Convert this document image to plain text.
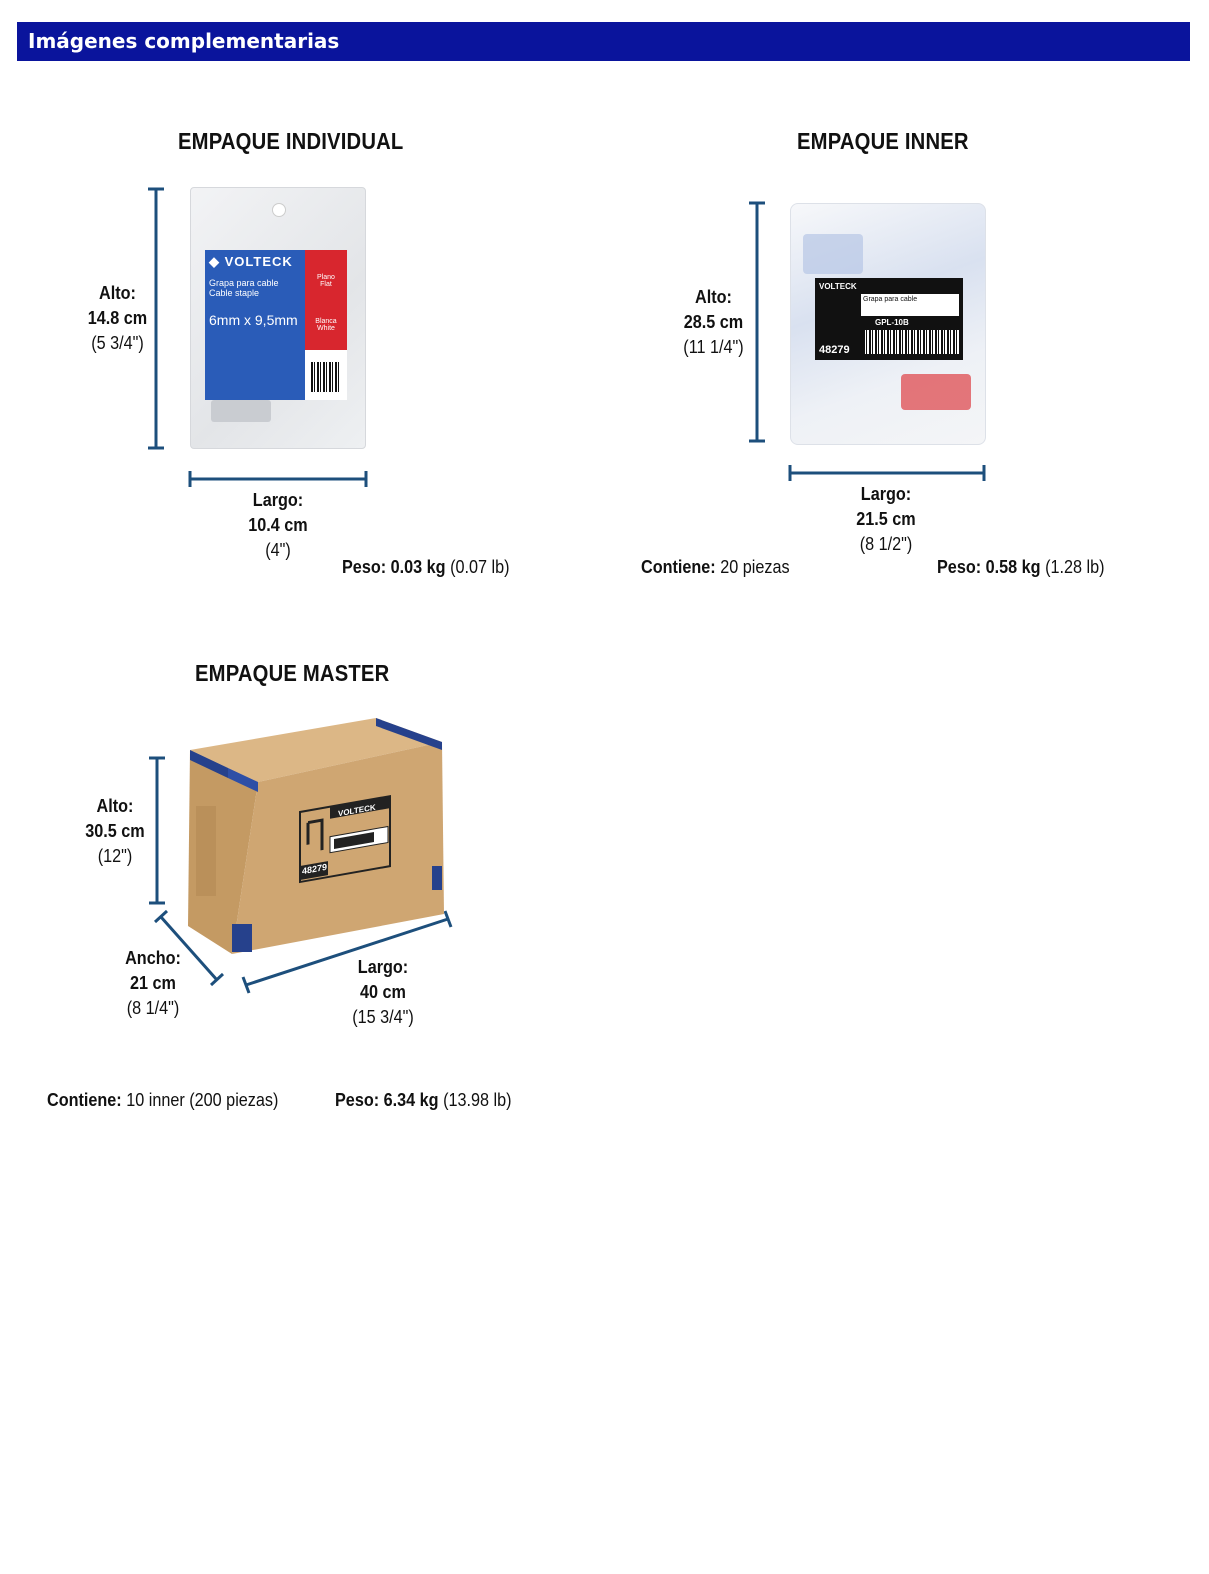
Imágenes complementarias
EMPAQUE INDIVIDUAL	EMPAQUE INNER
EMPAQUE MASTER
◆ VOLTECK
Grapa para cable
Cable staple
6mm x 9,5mm
Plano
Flat
Blanca
White
VOLTECK
Grapa para cable
GPL-10B
48279
Alto:
14.8 cm
(5 3/4")
Largo:
10.4 cm
(4")
Peso: 0.03 kg (0.07 lb)
Alto:
28.5 cm
(11 1/4")
Largo:
21.5 cm
(8 1/2")
Contiene: 20 piezas	Peso: 0.58 kg (1.28 lb)
Alto:
30.5 cm
(12")
Ancho:
21 cm
(8 1/4")
Largo:
40 cm
(15 3/4")
Contiene: 10 inner (200 piezas)	Peso: 6.34 kg (13.98 lb)
VOLTECK
48279
